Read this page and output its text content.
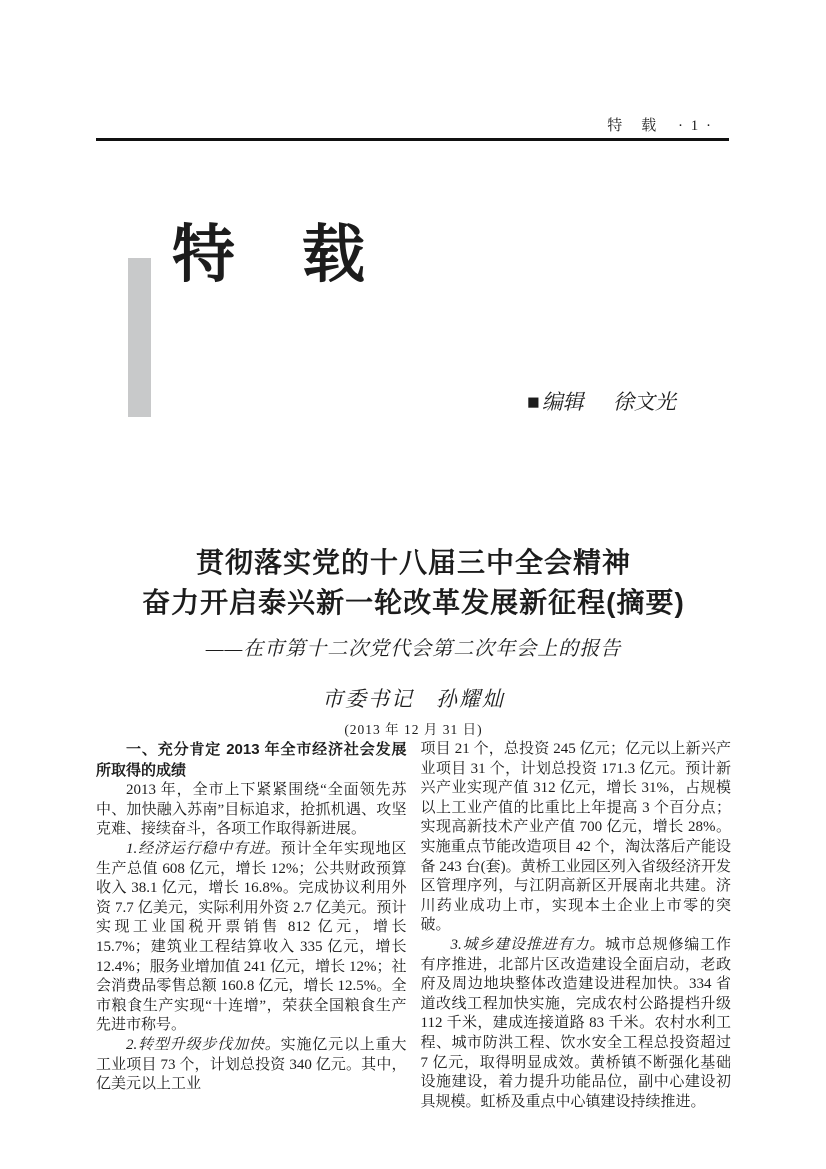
特　载 · 1 ·
特　载
■编辑 徐文光
贯彻落实党的十八届三中全会精神
奋力开启泰兴新一轮改革发展新征程(摘要)
——在市第十二次党代会第二次年会上的报告
市委书记 孙耀灿
(2013 年 12 月 31 日)

一、充分肯定 2013 年全市经济社会发展所取得的成绩

2013 年，全市上下紧紧围绕“全面领先苏中、加快融入苏南”目标追求，抢抓机遇、攻坚克难、接续奋斗，各项工作取得新进展。

1.经济运行稳中有进。预计全年实现地区生产总值 608 亿元，增长 12%；公共财政预算收入 38.1 亿元，增长 16.8%。完成协议利用外资 7.7 亿美元，实际利用外资 2.7 亿美元。预计实现工业国税开票销售 812 亿元，增长 15.7%；建筑业工程结算收入 335 亿元，增长 12.4%；服务业增加值 241 亿元，增长 12%；社会消费品零售总额 160.8 亿元，增长 12.5%。全市粮食生产实现“十连增”，荣获全国粮食生产先进市称号。

2.转型升级步伐加快。实施亿元以上重大工业项目 73 个，计划总投资 340 亿元。其中，亿美元以上工业

项目 21 个，总投资 245 亿元；亿元以上新兴产业项目 31 个，计划总投资 171.3 亿元。预计新兴产业实现产值 312 亿元，增长 31%，占规模以上工业产值的比重比上年提高 3 个百分点；实现高新技术产业产值 700 亿元，增长 28%。实施重点节能改造项目 42 个，淘汰落后产能设备 243 台(套)。黄桥工业园区列入省级经济开发区管理序列，与江阴高新区开展南北共建。济川药业成功上市，实现本土企业上市零的突破。

3.城乡建设推进有力。城市总规修编工作有序推进，北部片区改造建设全面启动，老政府及周边地块整体改造建设进程加快。334 省道改线工程加快实施，完成农村公路提档升级 112 千米，建成连接道路 83 千米。农村水利工程、城市防洪工程、饮水安全工程总投资超过 7 亿元，取得明显成效。黄桥镇不断强化基础设施建设，着力提升功能品位，副中心建设初具规模。虹桥及重点中心镇建设持续推进。
